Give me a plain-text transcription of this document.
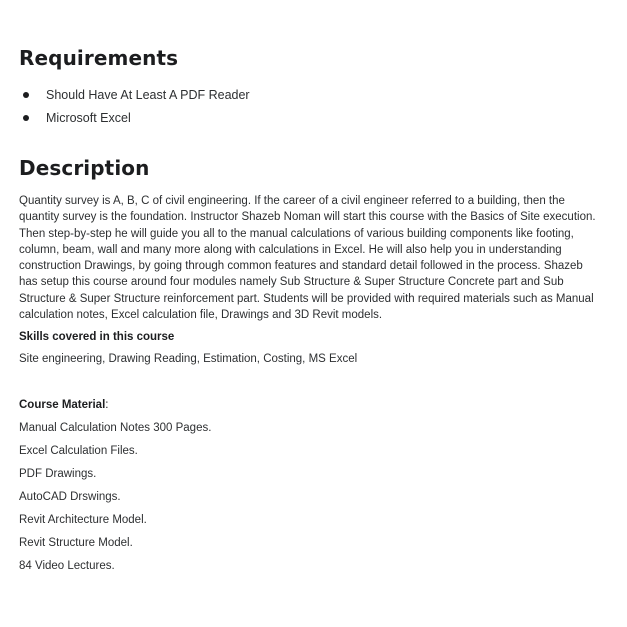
Requirements
Should Have At Least A PDF Reader
Microsoft Excel
Description

Quantity survey is A, B, C of civil engineering. If the career of a civil engineer referred to a building, then the quantity survey is the foundation. Instructor Shazeb Noman will start this course with the Basics of Site execution. Then step-by-step he will guide you all to the manual calculations of various building components like footing, column, beam, wall and many more along with calculations in Excel. He will also help you in understanding construction Drawings, by going through common features and standard detail followed in the process. Shazeb has setup this course around four modules namely Sub Structure & Super Structure Concrete part and Sub Structure & Super Structure reinforcement part. Students will be provided with required materials such as Manual calculation notes, Excel calculation file, Drawings and 3D Revit models.

Skills covered in this course

Site engineering, Drawing Reading, Estimation, Costing, MS Excel

Course Material:

Manual Calculation Notes 300 Pages.
Excel Calculation Files.
PDF Drawings.
AutoCAD Drswings.
Revit Architecture Model.
Revit Structure Model.
84 Video Lectures.
